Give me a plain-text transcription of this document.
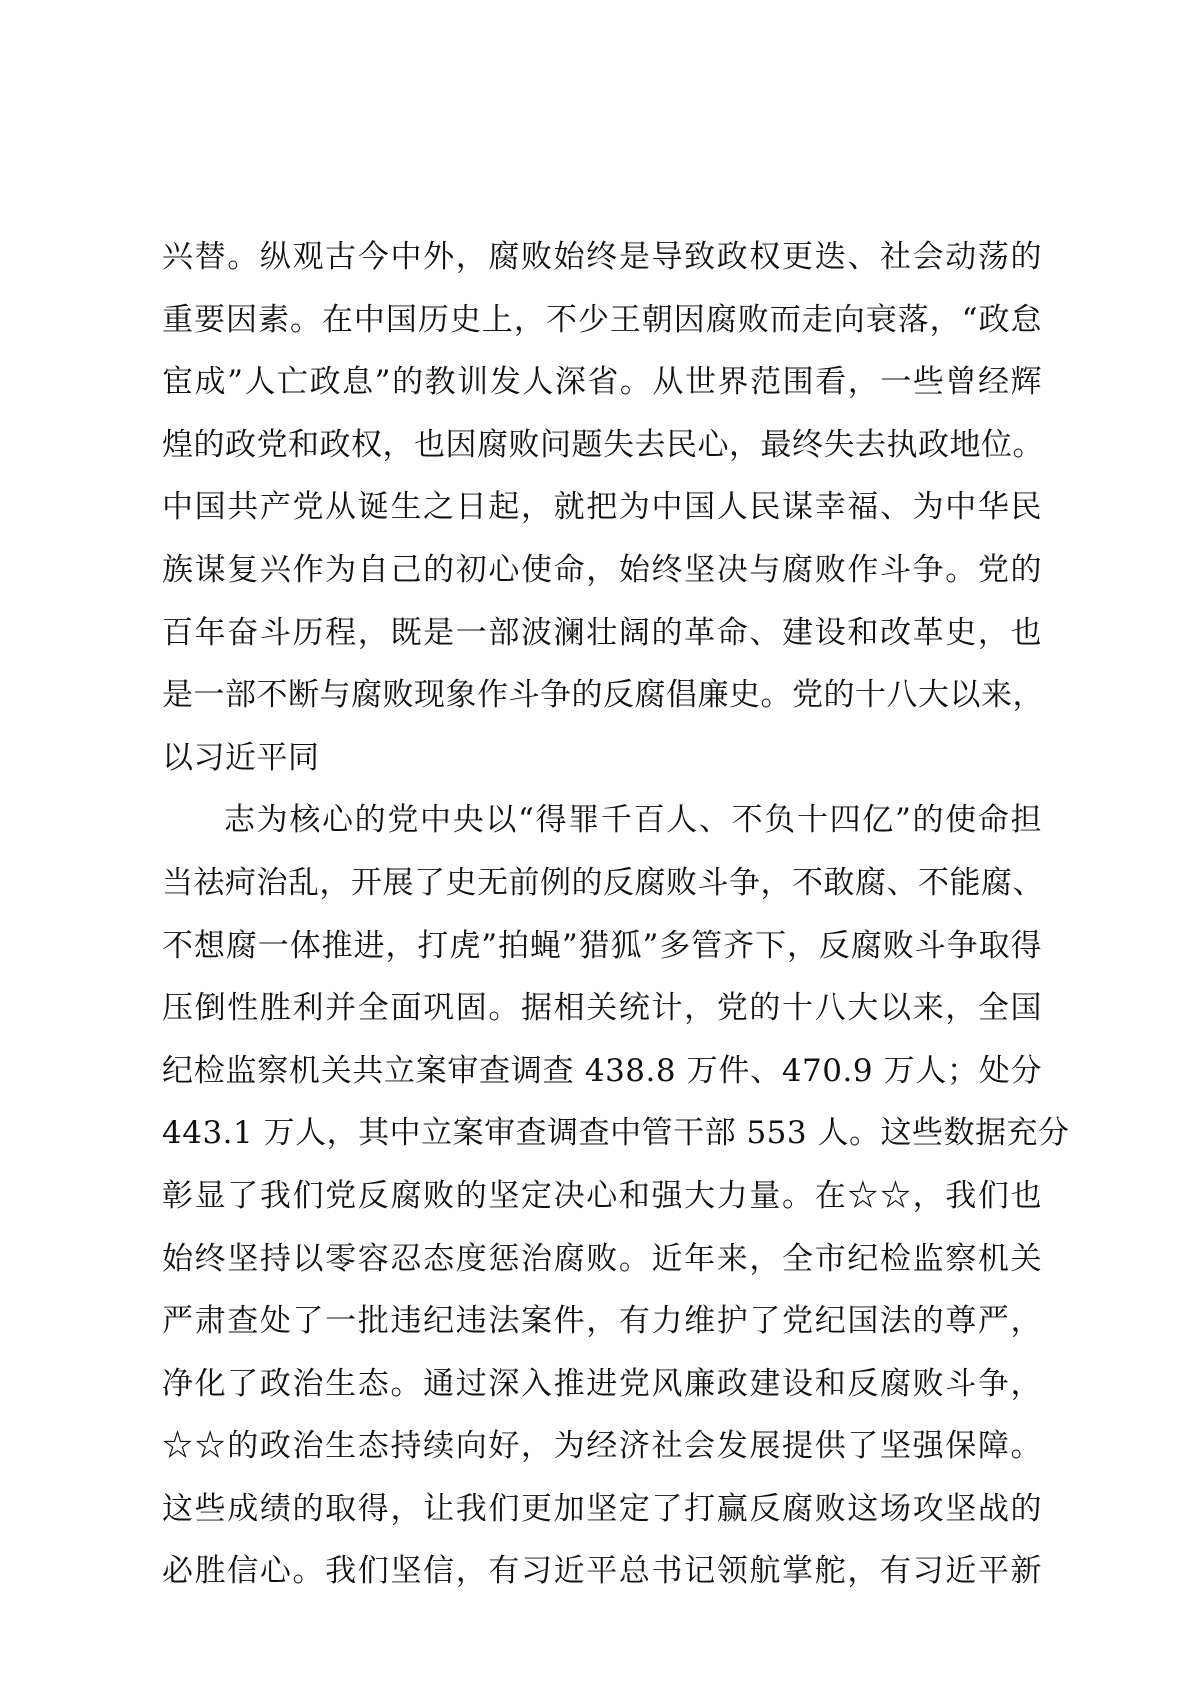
兴替。纵观古今中外，腐败始终是导致政权更迭、社会动荡的
重要因素。在中国历史上，不少王朝因腐败而走向衰落，“政怠
宦成”人亡政息”的教训发人深省。从世界范围看，一些曾经辉
煌的政党和政权，也因腐败问题失去民心，最终失去执政地位。
中国共产党从诞生之日起，就把为中国人民谋幸福、为中华民
族谋复兴作为自己的初心使命，始终坚决与腐败作斗争。党的
百年奋斗历程，既是一部波澜壮阔的革命、建设和改革史，也
是一部不断与腐败现象作斗争的反腐倡廉史。党的十八大以来，
以习近平同
志为核心的党中央以“得罪千百人、不负十四亿”的使命担
当祛疴治乱，开展了史无前例的反腐败斗争，不敢腐、不能腐、
不想腐一体推进，打虎”拍蝇”猎狐”多管齐下，反腐败斗争取得
压倒性胜利并全面巩固。据相关统计，党的十八大以来，全国
纪检监察机关共立案审查调查 438.8 万件、470.9 万人；处分
443.1 万人，其中立案审查调查中管干部 553 人。这些数据充分
彰显了我们党反腐败的坚定决心和强大力量。在☆☆，我们也
始终坚持以零容忍态度惩治腐败。近年来，全市纪检监察机关
严肃查处了一批违纪违法案件，有力维护了党纪国法的尊严，
净化了政治生态。通过深入推进党风廉政建设和反腐败斗争，
☆☆的政治生态持续向好，为经济社会发展提供了坚强保障。
这些成绩的取得，让我们更加坚定了打赢反腐败这场攻坚战的
必胜信心。我们坚信，有习近平总书记领航掌舵，有习近平新
